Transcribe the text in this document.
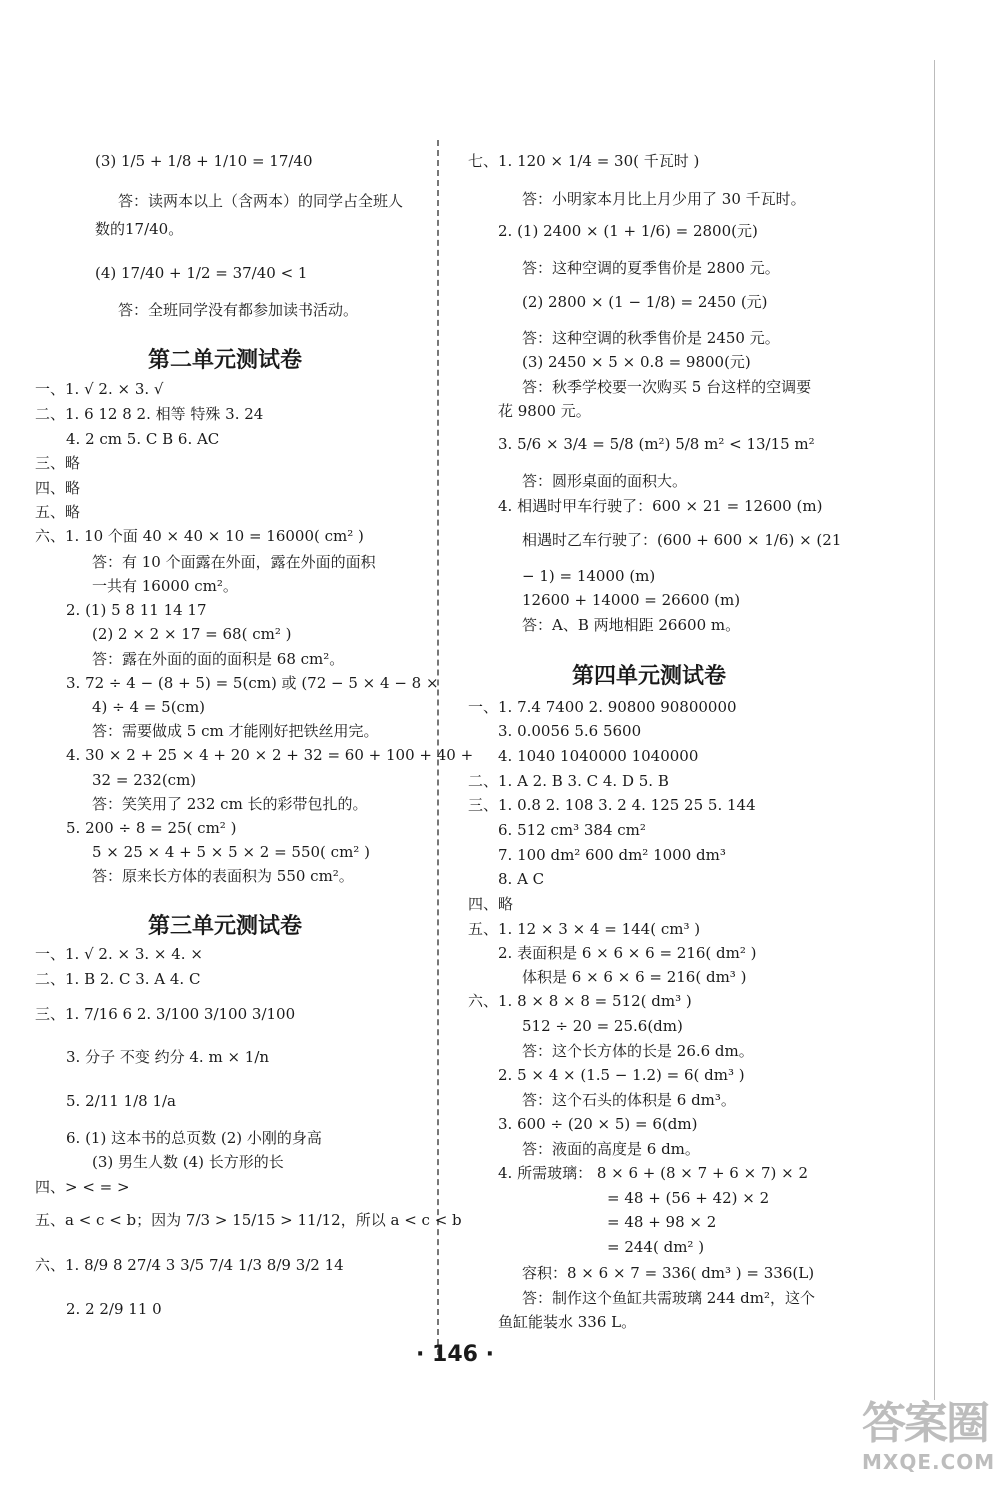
(3) 1/5 + 1/8 + 1/10 = 17/40
答：读两本以上（含两本）的同学占全班人
数的17/40。
(4) 17/40 + 1/2 = 37/40 < 1
答：全班同学没有都参加读书活动。
第二单元测试卷
一、1. √ 2. × 3. √
二、1. 6 12 8 2. 相等 特殊 3. 24
4. 2 cm 5. C B 6. AC
三、略
四、略
五、略
六、1. 10 个面 40 × 40 × 10 = 16000( cm² )
答：有 10 个面露在外面，露在外面的面积
一共有 16000 cm²。
2. (1) 5 8 11 14 17
(2) 2 × 2 × 17 = 68( cm² )
答：露在外面的面的面积是 68 cm²。
3. 72 ÷ 4 − (8 + 5) = 5(cm) 或 (72 − 5 × 4 − 8 ×
4) ÷ 4 = 5(cm)
答：需要做成 5 cm 才能刚好把铁丝用完。
4. 30 × 2 + 25 × 4 + 20 × 2 + 32 = 60 + 100 + 40 +
32 = 232(cm)
答：笑笑用了 232 cm 长的彩带包扎的。
5. 200 ÷ 8 = 25( cm² )
5 × 25 × 4 + 5 × 5 × 2 = 550( cm² )
答：原来长方体的表面积为 550 cm²。
第三单元测试卷
一、1. √ 2. × 3. × 4. ×
二、1. B 2. C 3. A 4. C
三、1. 7/16 6 2. 3/100 3/100 3/100
3. 分子 不变 约分 4. m × 1/n
5. 2/11 1/8 1/a
6. (1) 这本书的总页数 (2) 小刚的身高
(3) 男生人数 (4) 长方形的长
四、> < = >
五、a < c < b；因为 7/3 > 15/15 > 11/12，所以 a < c < b
六、1. 8/9 8 27/4 3 3/5 7/4 1/3 8/9 3/2 14
2. 2 2/9 11 0
七、1. 120 × 1/4 = 30( 千瓦时 )
答：小明家本月比上月少用了 30 千瓦时。
2. (1) 2400 × (1 + 1/6) = 2800(元)
答：这种空调的夏季售价是 2800 元。
(2) 2800 × (1 − 1/8) = 2450 (元)
答：这种空调的秋季售价是 2450 元。
(3) 2450 × 5 × 0.8 = 9800(元)
答：秋季学校要一次购买 5 台这样的空调要
花 9800 元。
3. 5/6 × 3/4 = 5/8 (m²) 5/8 m² < 13/15 m²
答：圆形桌面的面积大。
4. 相遇时甲车行驶了：600 × 21 = 12600 (m)
相遇时乙车行驶了：(600 + 600 × 1/6) × (21
− 1) = 14000 (m)
12600 + 14000 = 26600 (m)
答：A、B 两地相距 26600 m。
第四单元测试卷
一、1. 7.4 7400 2. 90800 90800000
3. 0.0056 5.6 5600
4. 1040 1040000 1040000
二、1. A 2. B 3. C 4. D 5. B
三、1. 0.8 2. 108 3. 2 4. 125 25 5. 144
6. 512 cm³ 384 cm²
7. 100 dm² 600 dm² 1000 dm³
8. A C
四、略
五、1. 12 × 3 × 4 = 144( cm³ )
2. 表面积是 6 × 6 × 6 = 216( dm² )
体积是 6 × 6 × 6 = 216( dm³ )
六、1. 8 × 8 × 8 = 512( dm³ )
512 ÷ 20 = 25.6(dm)
答：这个长方体的长是 26.6 dm。
2. 5 × 4 × (1.5 − 1.2) = 6( dm³ )
答：这个石头的体积是 6 dm³。
3. 600 ÷ (20 × 5) = 6(dm)
答：液面的高度是 6 dm。
4. 所需玻璃： 8 × 6 + (8 × 7 + 6 × 7) × 2
= 48 + (56 + 42) × 2
= 48 + 98 × 2
= 244( dm² )
容积：8 × 6 × 7 = 336( dm³ ) = 336(L)
答：制作这个鱼缸共需玻璃 244 dm²，这个
鱼缸能装水 336 L。
· 146 ·
答案圈
MXQE.COM
